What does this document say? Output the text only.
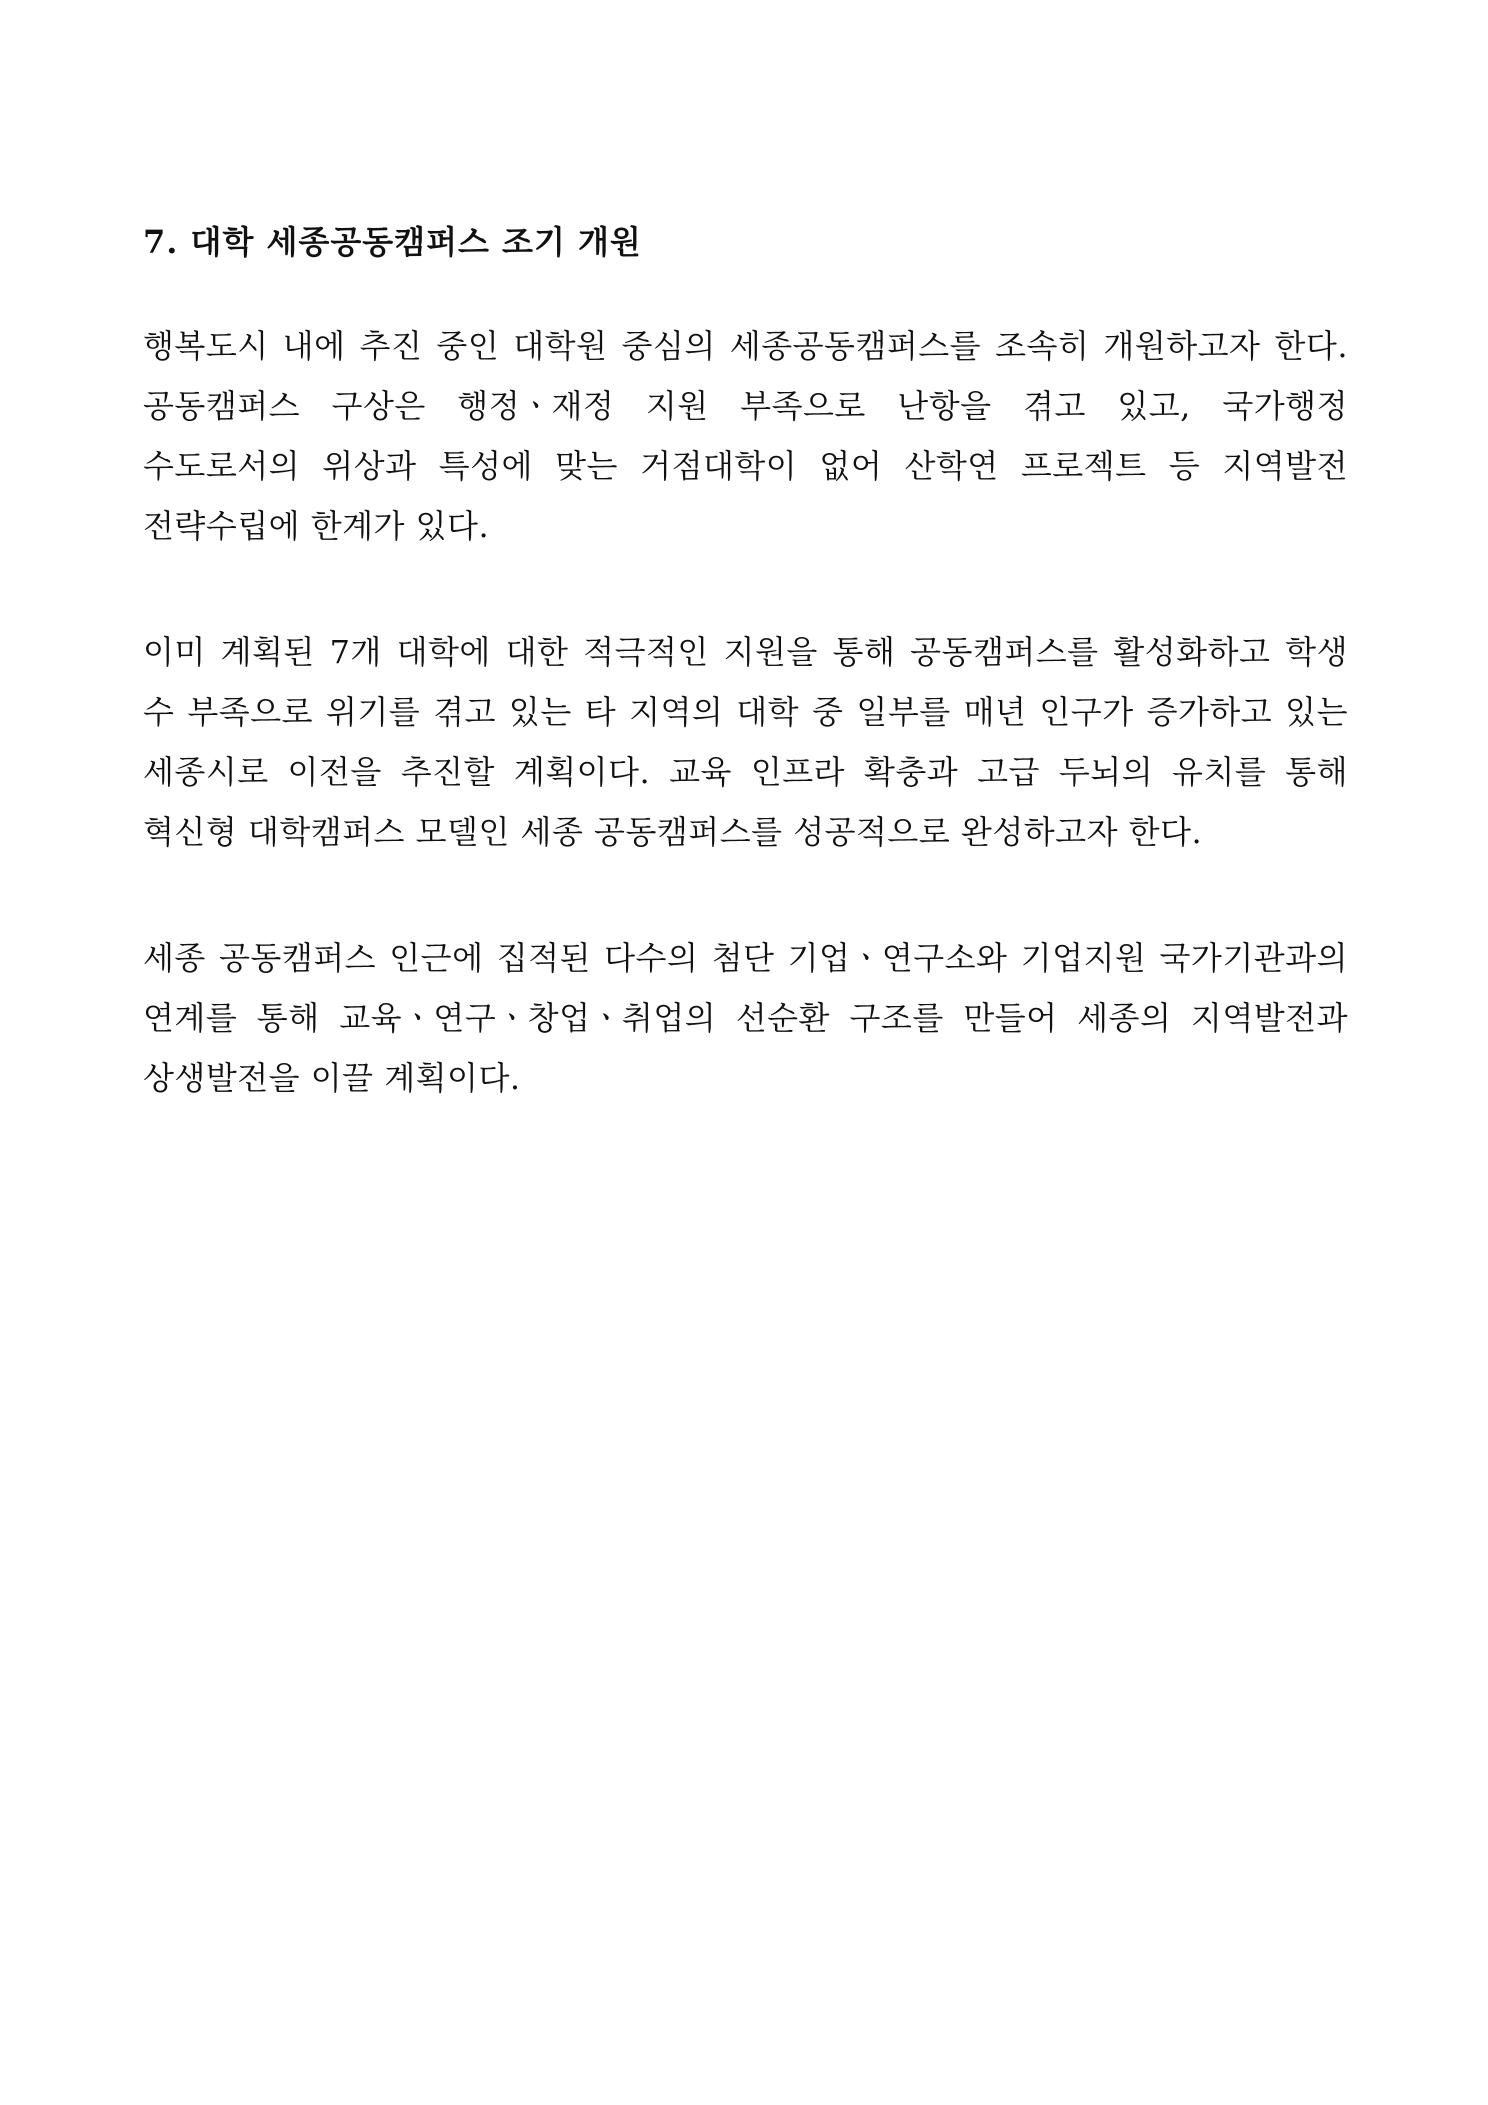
7. 대학 세종공동캠퍼스 조기 개원

행복도시 내에 추진 중인 대학원 중심의 세종공동캠퍼스를 조속히 개원하고자 한다. 공동캠퍼스 구상은 행정ㆍ재정 지원 부족으로 난항을 겪고 있고, 국가행정 수도로서의 위상과 특성에 맞는 거점대학이 없어 산학연 프로젝트 등 지역발전 전략수립에 한계가 있다.

이미 계획된 7개 대학에 대한 적극적인 지원을 통해 공동캠퍼스를 활성화하고 학생 수 부족으로 위기를 겪고 있는 타 지역의 대학 중 일부를 매년 인구가 증가하고 있는 세종시로 이전을 추진할 계획이다. 교육 인프라 확충과 고급 두뇌의 유치를 통해 혁신형 대학캠퍼스 모델인 세종 공동캠퍼스를 성공적으로 완성하고자 한다.

세종 공동캠퍼스 인근에 집적된 다수의 첨단 기업ㆍ연구소와 기업지원 국가기관과의 연계를 통해 교육ㆍ연구ㆍ창업ㆍ취업의 선순환 구조를 만들어 세종의 지역발전과 상생발전을 이끌 계획이다.
